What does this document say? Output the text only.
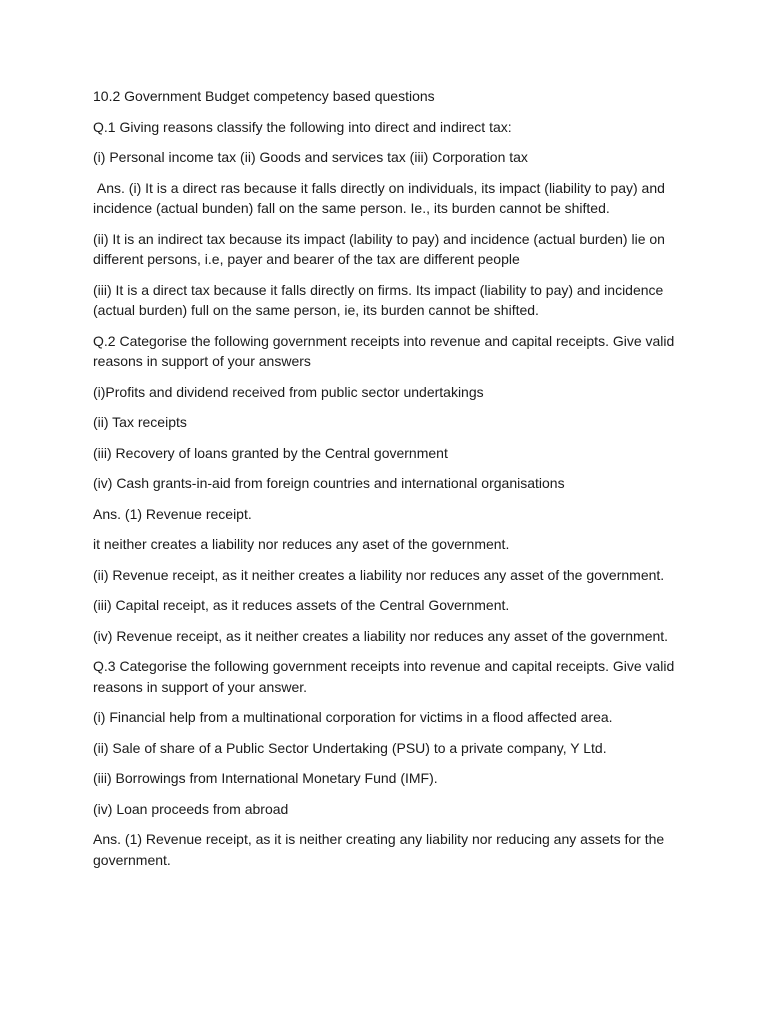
10.2 Government Budget competency based questions

Q.1 Giving reasons classify the following into direct and indirect tax:

(i) Personal income tax (ii) Goods and services tax (iii) Corporation tax

Ans. (i) It is a direct ras because it falls directly on individuals, its impact (liability to pay) and incidence (actual bunden) fall on the same person. Ie., its burden cannot be shifted.

(ii) It is an indirect tax because its impact (lability to pay) and incidence (actual burden) lie on different persons, i.e, payer and bearer of the tax are different people

(iii) It is a direct tax because it falls directly on firms. Its impact (liability to pay) and incidence (actual burden) full on the same person, ie, its burden cannot be shifted.

Q.2 Categorise the following government receipts into revenue and capital receipts. Give valid reasons in support of your answers

(i)Profits and dividend received from public sector undertakings

(ii) Tax receipts

(iii) Recovery of loans granted by the Central government

(iv) Cash grants-in-aid from foreign countries and international organisations

Ans. (1) Revenue receipt.

it neither creates a liability nor reduces any aset of the government.

(ii) Revenue receipt, as it neither creates a liability nor reduces any asset of the government.

(iii) Capital receipt, as it reduces assets of the Central Government.

(iv) Revenue receipt, as it neither creates a liability nor reduces any asset of the government.

Q.3 Categorise the following government receipts into revenue and capital receipts. Give valid reasons in support of your answer.

(i) Financial help from a multinational corporation for victims in a flood affected area.

(ii) Sale of share of a Public Sector Undertaking (PSU) to a private company, Y Ltd.

(iii) Borrowings from International Monetary Fund (IMF).

(iv) Loan proceeds from abroad

Ans. (1) Revenue receipt, as it is neither creating any liability nor reducing any assets for the government.
